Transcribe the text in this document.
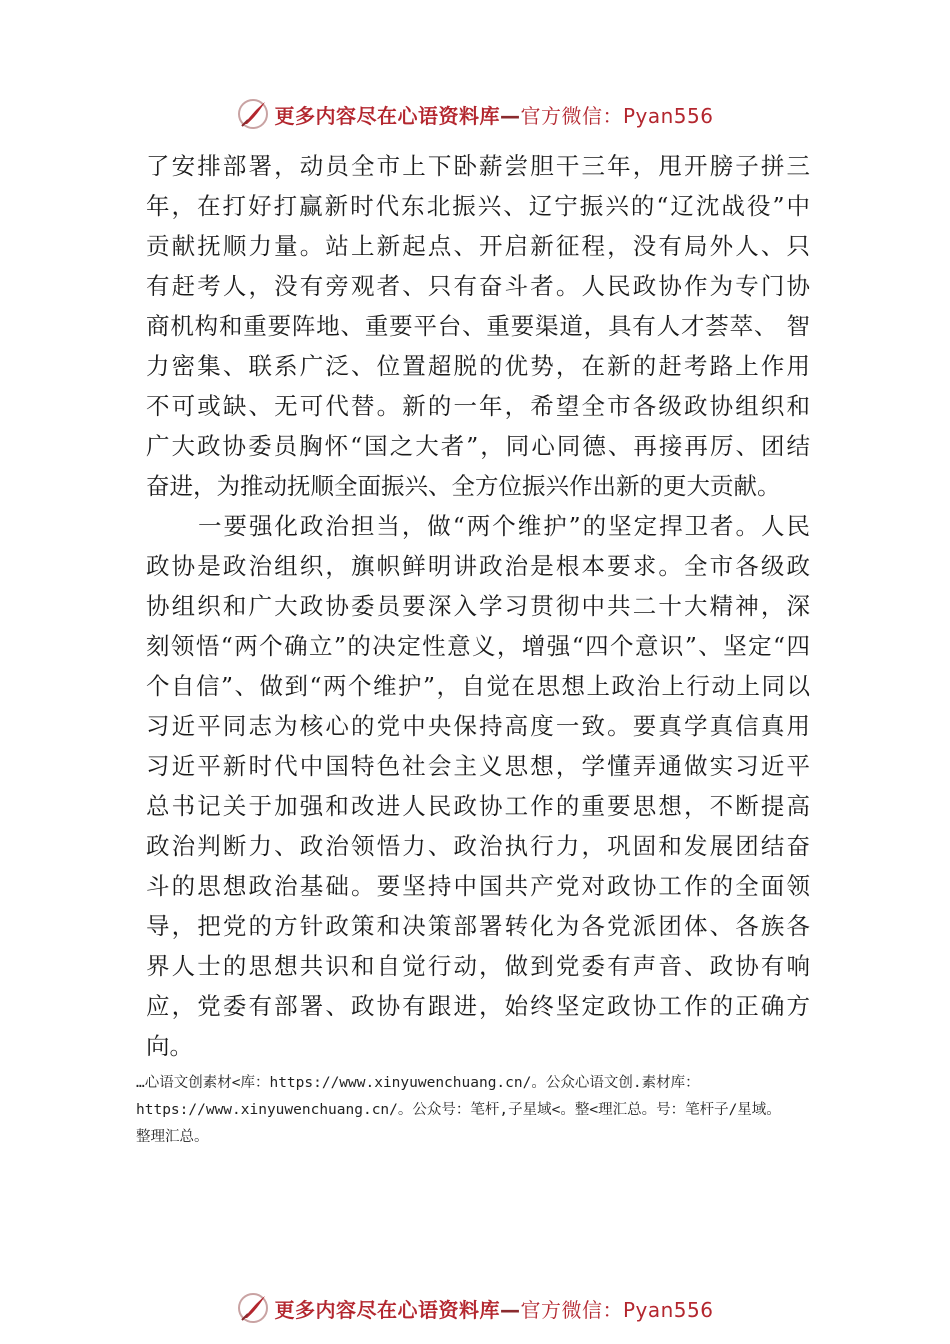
更多内容尽在心语资料库—官方微信：Pyan556
了安排部署，动员全市上下卧薪尝胆干三年，甩开膀子拼三
年，在打好打赢新时代东北振兴、辽宁振兴的“辽沈战役”中
贡献抚顺力量。站上新起点、开启新征程，没有局外人、只
有赶考人，没有旁观者、只有奋斗者。人民政协作为专门协
商机构和重要阵地、重要平台、重要渠道，具有人才荟萃、 智
力密集、联系广泛、位置超脱的优势，在新的赶考路上作用
不可或缺、无可代替。新的一年，希望全市各级政协组织和
广大政协委员胸怀“国之大者”，同心同德、再接再厉、团结
奋进，为推动抚顺全面振兴、全方位振兴作出新的更大贡献。
一要强化政治担当，做“两个维护”的坚定捍卫者。人民
政协是政治组织，旗帜鲜明讲政治是根本要求。全市各级政
协组织和广大政协委员要深入学习贯彻中共二十大精神，深
刻领悟“两个确立”的决定性意义，增强“四个意识”、坚定“四
个自信”、做到“两个维护”，自觉在思想上政治上行动上同以
习近平同志为核心的党中央保持高度一致。要真学真信真用
习近平新时代中国特色社会主义思想，学懂弄通做实习近平
总书记关于加强和改进人民政协工作的重要思想，不断提高
政治判断力、政治领悟力、政治执行力，巩固和发展团结奋
斗的思想政治基础。要坚持中国共产党对政协工作的全面领
导，把党的方针政策和决策部署转化为各党派团体、各族各
界人士的思想共识和自觉行动，做到党委有声音、政协有响
应，党委有部署、政协有跟进，始终坚定政协工作的正确方
向。
…心语文创素材<库：https://www.xinyuwenchuang.cn/。公众心语文创.素材库：
https://www.xinyuwenchuang.cn/。公众号：笔杆,子星域<。整<理汇总。号：笔杆子/星域。
整理汇总。
更多内容尽在心语资料库—官方微信：Pyan556
